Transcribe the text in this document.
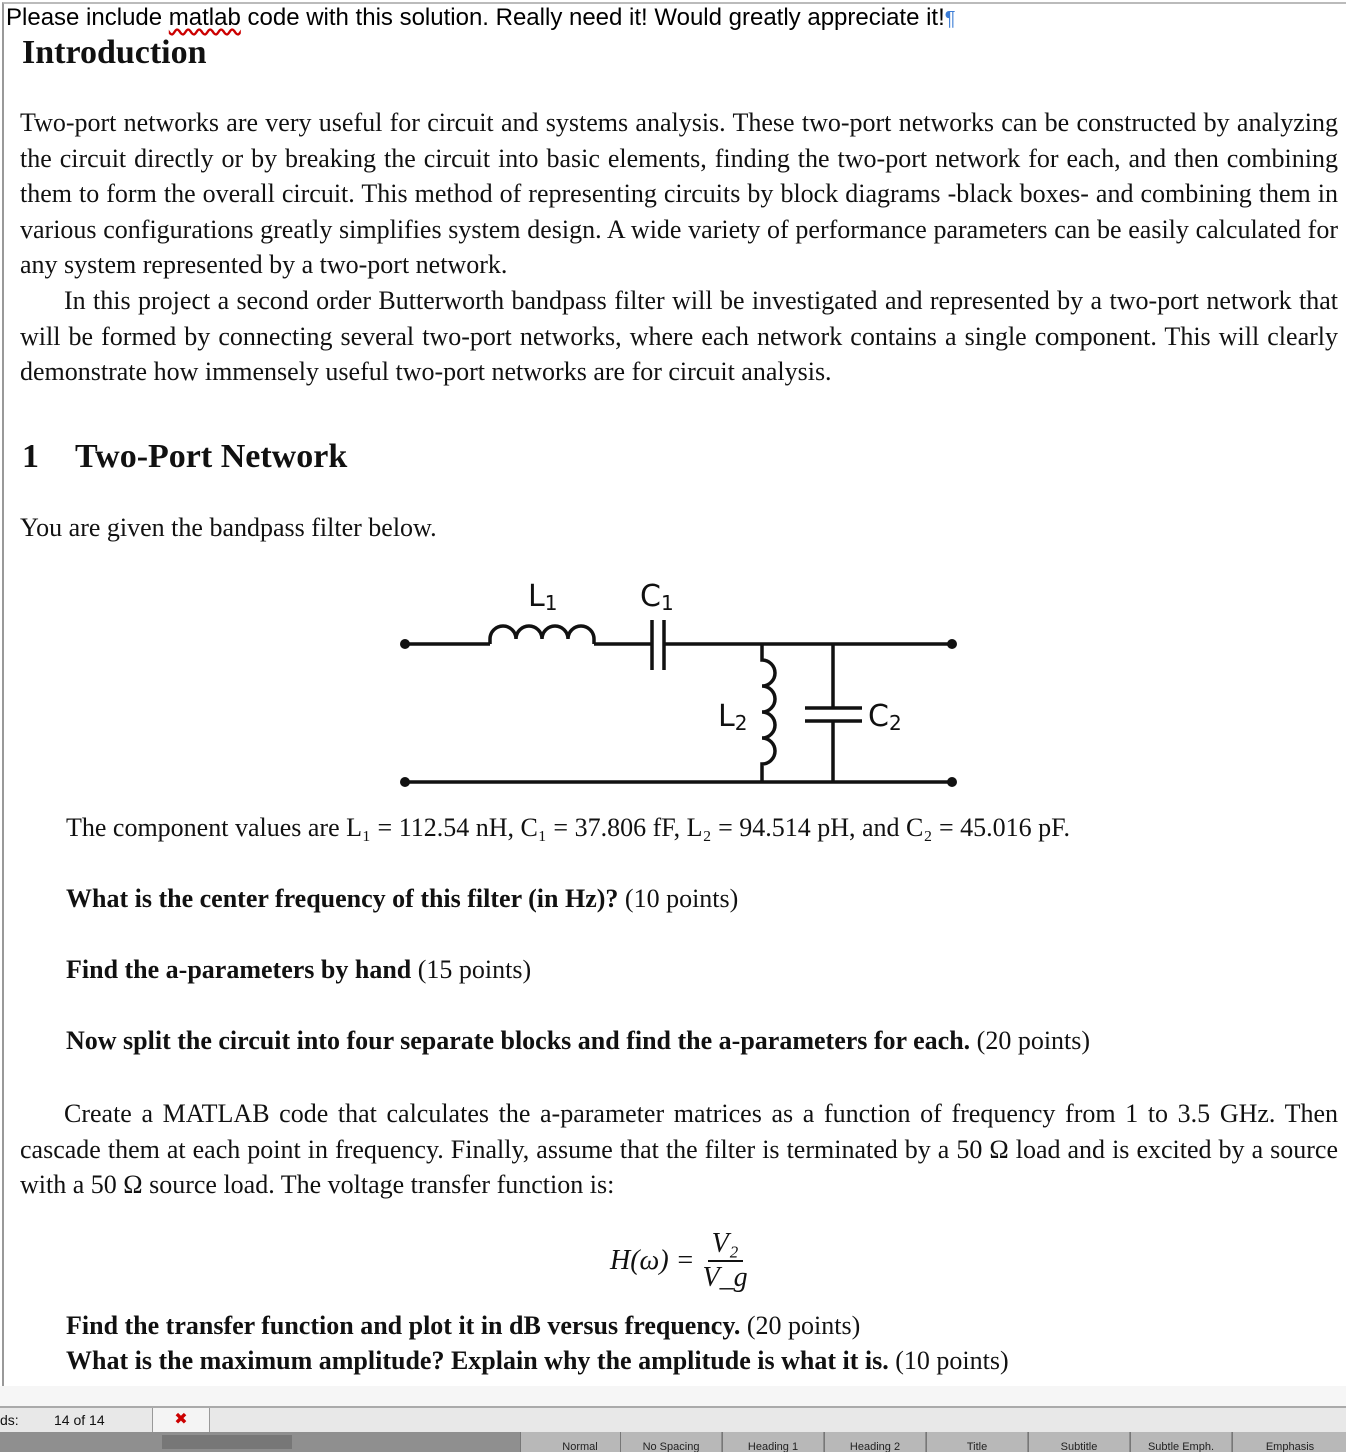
Please include matlab code with this solution. Really need it! Would greatly appreciate it!¶
Introduction
Two-port networks are very useful for circuit and systems analysis. These two-port networks can be constructed by analyzing the circuit directly or by breaking the circuit into basic elements, finding the two-port network for each, and then combining them to form the overall circuit. This method of representing circuits by block diagrams -black boxes- and combining them in various configurations greatly simplifies system design. A wide variety of performance parameters can be easily calculated for any system represented by a two-port network.
In this project a second order Butterworth bandpass filter will be investigated and represented by a two-port network that will be formed by connecting several two-port networks, where each network contains a single component. This will clearly demonstrate how immensely useful two-port networks are for circuit analysis.
1 Two-Port Network
You are given the bandpass filter below.
L1	C1
L2	C2
The component values are L₁ = 112.54 nH, C₁ = 37.806 fF, L₂ = 94.514 pH, and C₂ = 45.016 pF.
What is the center frequency of this filter (in Hz)? (10 points)
Find the a-parameters by hand (15 points)
Now split the circuit into four separate blocks and find the a-parameters for each. (20 points)
Create a MATLAB code that calculates the a-parameter matrices as a function of frequency from 1 to 3.5 GHz. Then cascade them at each point in frequency. Finally, assume that the filter is terminated by a 50 Ω load and is excited by a source with a 50 Ω source load. The voltage transfer function is:
$H(\omega) = \frac{\text{V₂}}{V\_g}$
Find the transfer function and plot it in dB versus frequency. (20 points)
What is the maximum amplitude? Explain why the amplitude is what it is. (10 points)
ds:	14 of 14	✖
Normal	No Spacing	Heading 1	Heading 2	Title	Subtitle	Subtle Emph.	Emphasis
